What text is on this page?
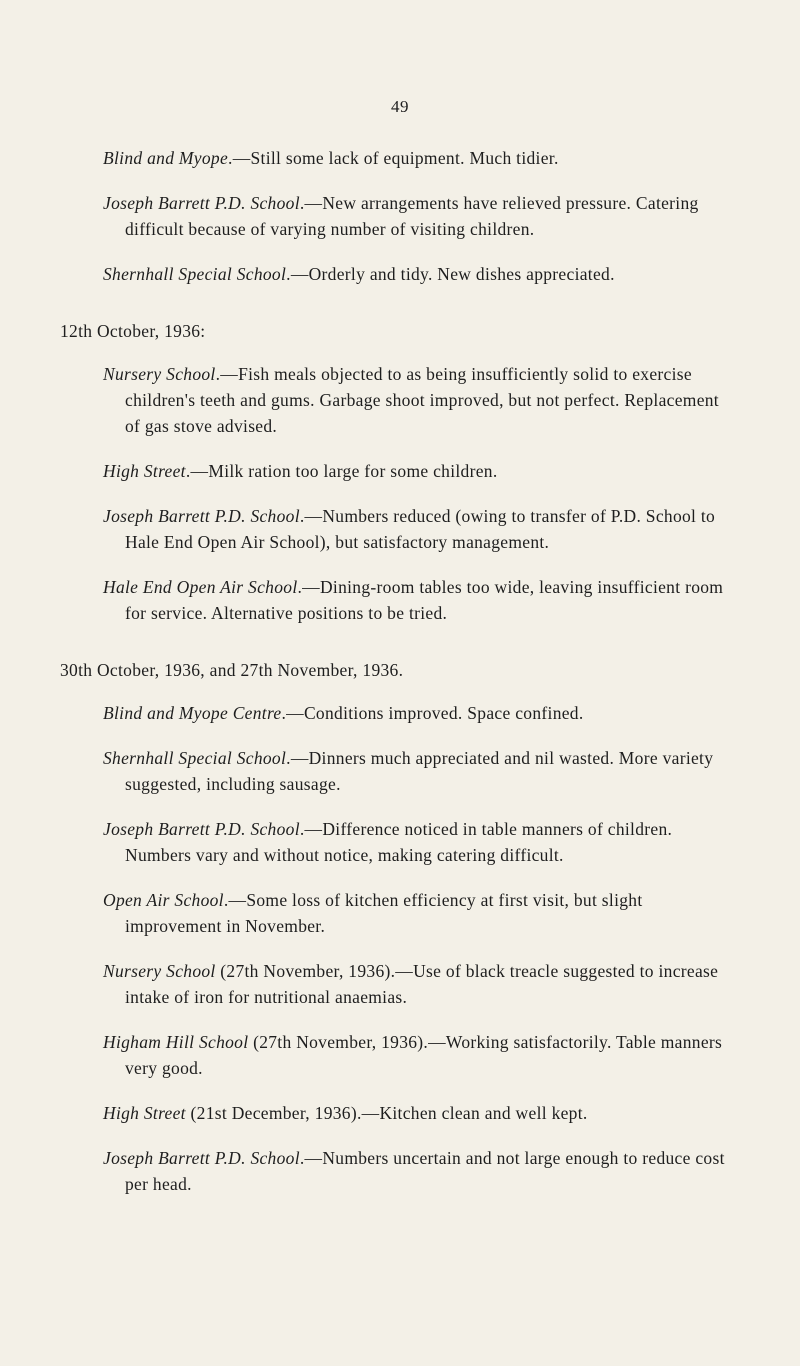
49
Blind and Myope.—Still some lack of equipment. Much tidier.
Joseph Barrett P.D. School.—New arrangements have relieved pressure. Catering difficult because of varying number of visiting children.
Shernhall Special School.—Orderly and tidy. New dishes appreciated.
12th October, 1936:
Nursery School.—Fish meals objected to as being insufficiently solid to exercise children's teeth and gums. Garbage shoot improved, but not perfect. Replacement of gas stove advised.
High Street.—Milk ration too large for some children.
Joseph Barrett P.D. School.—Numbers reduced (owing to transfer of P.D. School to Hale End Open Air School), but satisfactory management.
Hale End Open Air School.—Dining-room tables too wide, leaving insufficient room for service. Alternative positions to be tried.
30th October, 1936, and 27th November, 1936.
Blind and Myope Centre.—Conditions improved. Space confined.
Shernhall Special School.—Dinners much appreciated and nil wasted. More variety suggested, including sausage.
Joseph Barrett P.D. School.—Difference noticed in table manners of children. Numbers vary and without notice, making catering difficult.
Open Air School.—Some loss of kitchen efficiency at first visit, but slight improvement in November.
Nursery School (27th November, 1936).—Use of black treacle suggested to increase intake of iron for nutritional anaemias.
Higham Hill School (27th November, 1936).—Working satisfactorily. Table manners very good.
High Street (21st December, 1936).—Kitchen clean and well kept.
Joseph Barrett P.D. School.—Numbers uncertain and not large enough to reduce cost per head.
